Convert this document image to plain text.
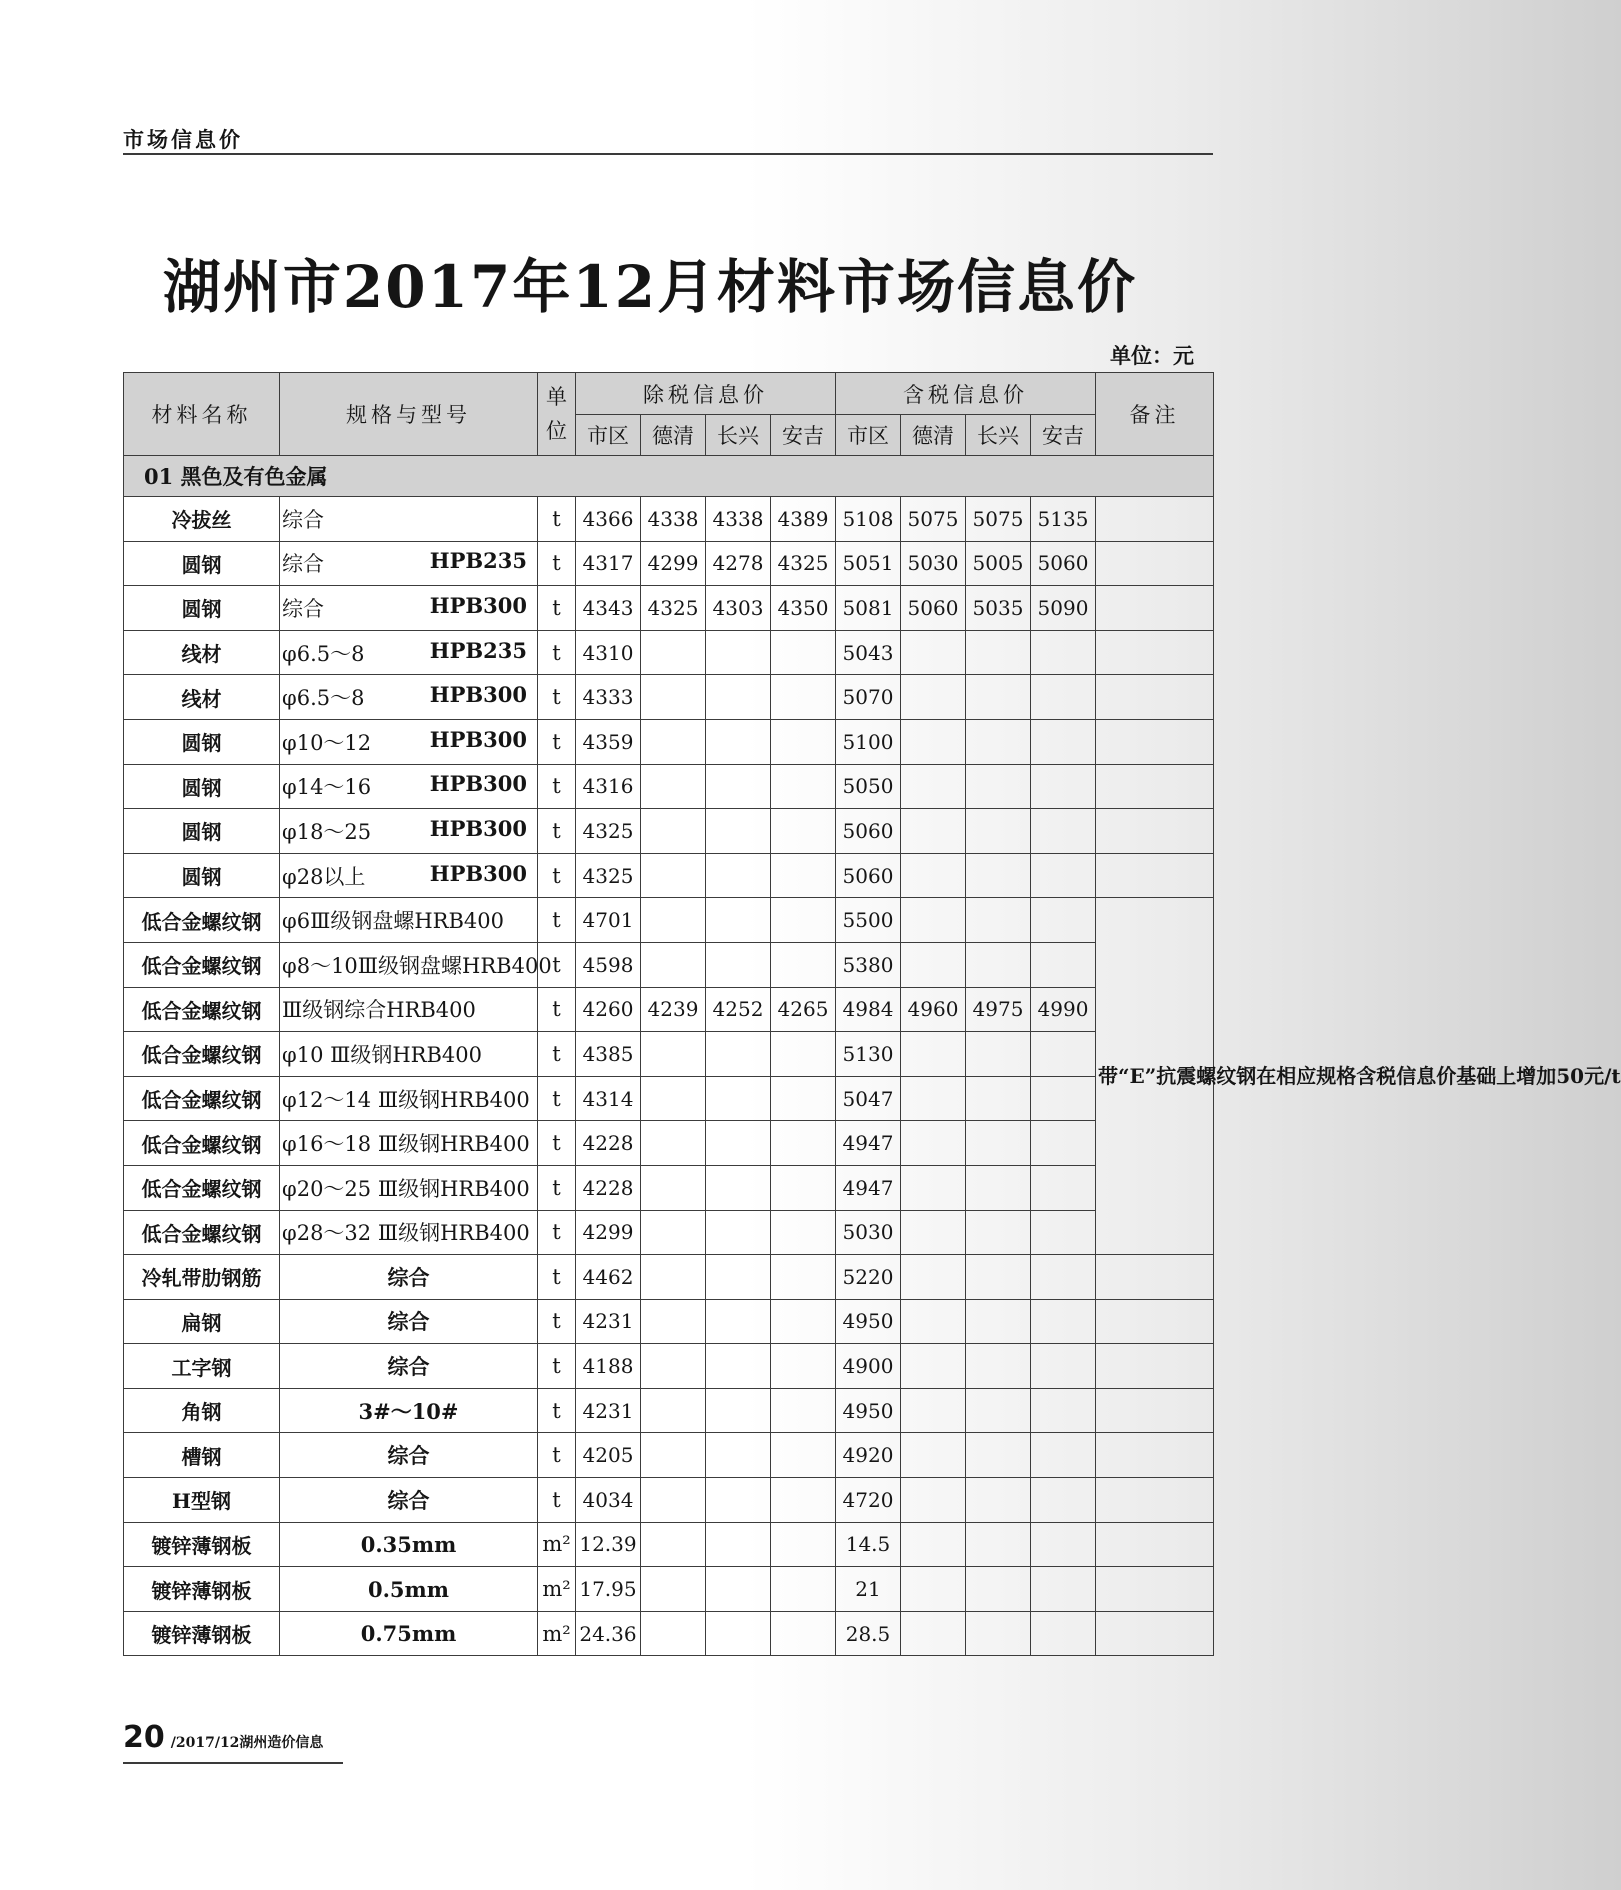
市场信息价
湖州市2017年12月材料市场信息价
单位：元
材料名称	规格与型号	单位	除税信息价				含税信息价				备注
			市区	德清	长兴	安吉	市区	德清	长兴	安吉	
01 黑色及有色金属											
冷拔丝	综合	t	4366	4338	4338	4389	5108	5075	5075	5135	
圆钢	综合 HPB235	t	4317	4299	4278	4325	5051	5030	5005	5060	
圆钢	综合 HPB300	t	4343	4325	4303	4350	5081	5060	5035	5090	
线材	φ6.5～8 HPB235	t	4310				5043				
线材	φ6.5～8 HPB300	t	4333				5070				
圆钢	φ10～12 HPB300	t	4359				5100				
圆钢	φ14～16 HPB300	t	4316				5050				
圆钢	φ18～25 HPB300	t	4325				5060				
圆钢	φ28以上 HPB300	t	4325				5060				
低合金螺纹钢	φ6Ⅲ级钢盘螺HRB400	t	4701				5500				带“E”抗震螺纹钢在相应规格含税信息价基础上增加50元/t
低合金螺纹钢	φ8～10Ⅲ级钢盘螺HRB400	t	4598				5380				
低合金螺纹钢	Ⅲ级钢综合HRB400	t	4260	4239	4252	4265	4984	4960	4975	4990	
低合金螺纹钢	φ10 Ⅲ级钢HRB400	t	4385				5130				
低合金螺纹钢	φ12～14 Ⅲ级钢HRB400	t	4314				5047				
低合金螺纹钢	φ16～18 Ⅲ级钢HRB400	t	4228				4947				
低合金螺纹钢	φ20～25 Ⅲ级钢HRB400	t	4228				4947				
低合金螺纹钢	φ28～32 Ⅲ级钢HRB400	t	4299				5030				
冷轧带肋钢筋	综合	t	4462				5220				
扁钢	综合	t	4231				4950				
工字钢	综合	t	4188				4900				
角钢	3#～10#	t	4231				4950				
槽钢	综合	t	4205				4920				
H型钢	综合	t	4034				4720				
镀锌薄钢板	0.35mm	m²	12.39				14.5				
镀锌薄钢板	0.5mm	m²	17.95				21				
镀锌薄钢板	0.75mm	m²	24.36				28.5				
20 /2017/12湖州造价信息
